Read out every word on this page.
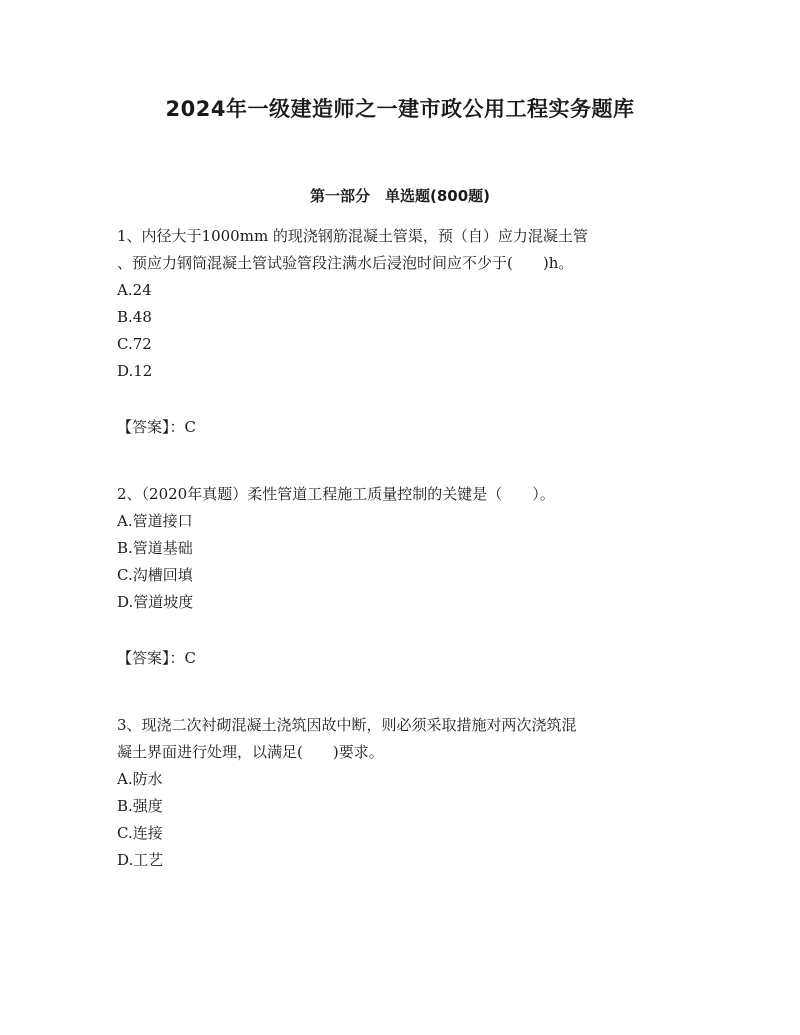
2024年一级建造师之一建市政公用工程实务题库
第一部分　单选题(800题)
1、内径大于1000mm 的现浇钢筋混凝土管渠，预（自）应力混凝土管
、预应力钢筒混凝土管试验管段注满水后浸泡时间应不少于(　　)h。
A.24
B.48
C.72
D.12
【答案】：C
2、（2020年真题）柔性管道工程施工质量控制的关键是（　　）。
A.管道接口
B.管道基础
C.沟槽回填
D.管道坡度
【答案】：C
3、现浇二次衬砌混凝土浇筑因故中断，则必须采取措施对两次浇筑混
凝土界面进行处理，以满足(　　)要求。
A.防水
B.强度
C.连接
D.工艺
